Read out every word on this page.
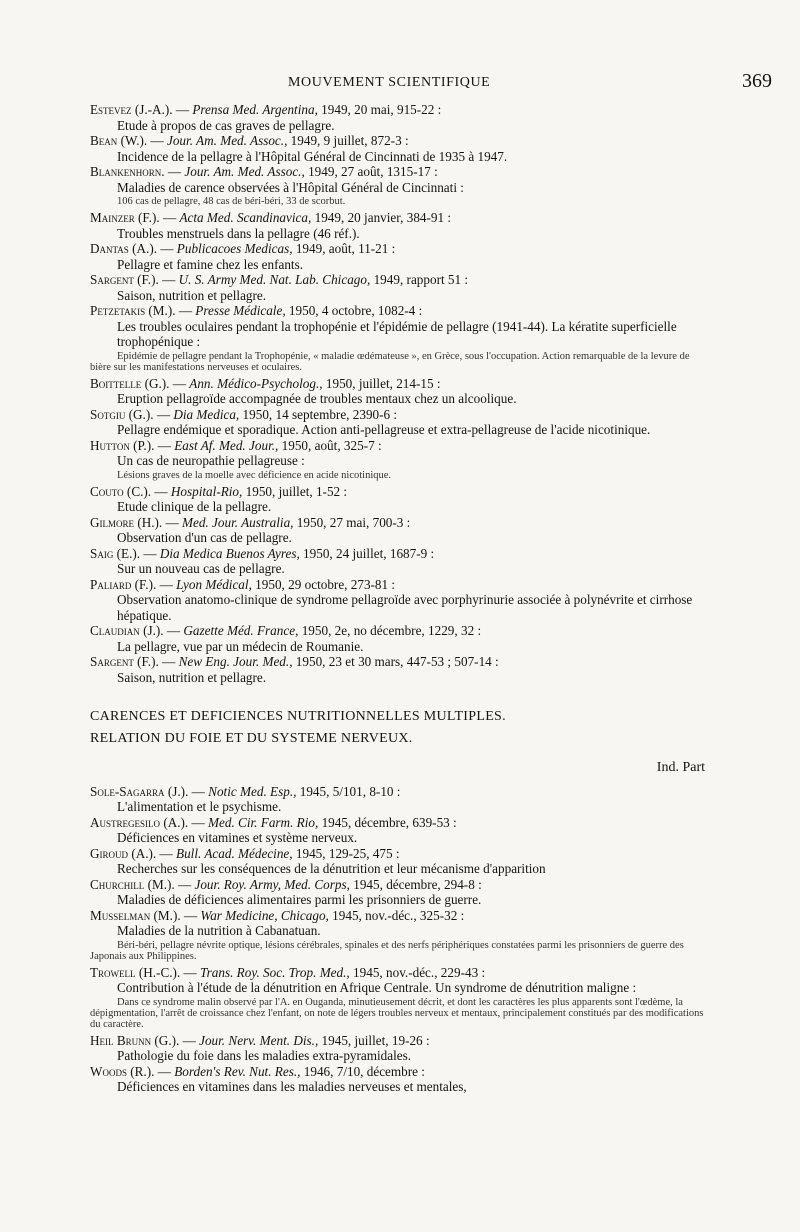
MOUVEMENT SCIENTIFIQUE	369
Estevez (J.-A.). — Prensa Med. Argentina, 1949, 20 mai, 915-22 :
Etude à propos de cas graves de pellagre.
Bean (W.). — Jour. Am. Med. Assoc., 1949, 9 juillet, 872-3 :
Incidence de la pellagre à l'Hôpital Général de Cincinnati de 1935 à 1947.
Blankenhorn. — Jour. Am. Med. Assoc., 1949, 27 août, 1315-17 :
Maladies de carence observées à l'Hôpital Général de Cincinnati :
106 cas de pellagre, 48 cas de béri-béri, 33 de scorbut.
Mainzer (F.). — Acta Med. Scandinavica, 1949, 20 janvier, 384-91 :
Troubles menstruels dans la pellagre (46 réf.).
Dantas (A.). — Publicacoes Medicas, 1949, août, 11-21 :
Pellagre et famine chez les enfants.
Sargent (F.). — U. S. Army Med. Nat. Lab. Chicago, 1949, rapport 51 :
Saison, nutrition et pellagre.
Petzetakis (M.). — Presse Médicale, 1950, 4 octobre, 1082-4 :
Les troubles oculaires pendant la trophopénie et l'épidémie de pellagre (1941-44). La kératite superficielle trophopénique :
Epidémie de pellagre pendant la Trophopénie, « maladie œdémateuse », en Grèce, sous l'occupation. Action remarquable de la levure de bière sur les manifestations nerveuses et oculaires.
Boittelle (G.). — Ann. Médico-Psycholog., 1950, juillet, 214-15 :
Eruption pellagroïde accompagnée de troubles mentaux chez un alcoolique.
Sotgiu (G.). — Dia Medica, 1950, 14 septembre, 2390-6 :
Pellagre endémique et sporadique. Action anti-pellagreuse et extra-pellagreuse de l'acide nicotinique.
Hutton (P.). — East Af. Med. Jour., 1950, août, 325-7 :
Un cas de neuropathie pellagreuse :
Lésions graves de la moelle avec déficience en acide nicotinique.
Couto (C.). — Hospital-Rio, 1950, juillet, 1-52 :
Etude clinique de la pellagre.
Gilmore (H.). — Med. Jour. Australia, 1950, 27 mai, 700-3 :
Observation d'un cas de pellagre.
Saig (E.). — Dia Medica Buenos Ayres, 1950, 24 juillet, 1687-9 :
Sur un nouveau cas de pellagre.
Paliard (F.). — Lyon Médical, 1950, 29 octobre, 273-81 :
Observation anatomo-clinique de syndrome pellagroïde avec porphyrinurie associée à polynévrite et cirrhose hépatique.
Claudian (J.). — Gazette Méd. France, 1950, 2e, no décembre, 1229, 32 :
La pellagre, vue par un médecin de Roumanie.
Sargent (F.). — New Eng. Jour. Med., 1950, 23 et 30 mars, 447-53 ; 507-14 :
Saison, nutrition et pellagre.

CARENCES ET DEFICIENCES NUTRITIONNELLES MULTIPLES.

RELATION DU FOIE ET DU SYSTEME NERVEUX.

Ind. Part
Sole-Sagarra (J.). — Notic Med. Esp., 1945, 5/101, 8-10 :
L'alimentation et le psychisme.
Austregesilo (A.). — Med. Cir. Farm. Rio, 1945, décembre, 639-53 :
Déficiences en vitamines et système nerveux.
Giroud (A.). — Bull. Acad. Médecine, 1945, 129-25, 475 :
Recherches sur les conséquences de la dénutrition et leur mécanisme d'apparition
Churchill (M.). — Jour. Roy. Army, Med. Corps, 1945, décembre, 294-8 :
Maladies de déficiences alimentaires parmi les prisonniers de guerre.
Musselman (M.). — War Medicine, Chicago, 1945, nov.-déc., 325-32 :
Maladies de la nutrition à Cabanatuan.
Béri-béri, pellagre névrite optique, lésions cérébrales, spinales et des nerfs périphériques constatées parmi les prisonniers de guerre des Japonais aux Philippines.
Trowell (H.-C.). — Trans. Roy. Soc. Trop. Med., 1945, nov.-déc., 229-43 :
Contribution à l'étude de la dénutrition en Afrique Centrale. Un syndrome de dénutrition maligne :
Dans ce syndrome malin observé par l'A. en Ouganda, minutieusement décrit, et dont les caractères les plus apparents sont l'œdème, la dépigmentation, l'arrêt de croissance chez l'enfant, on note de légers troubles nerveux et mentaux, principalement constitués par des modifications du caractère.
Heil Brunn (G.). — Jour. Nerv. Ment. Dis., 1945, juillet, 19-26 :
Pathologie du foie dans les maladies extra-pyramidales.
Woods (R.). — Borden's Rev. Nut. Res., 1946, 7/10, décembre :
Déficiences en vitamines dans les maladies nerveuses et mentales,
